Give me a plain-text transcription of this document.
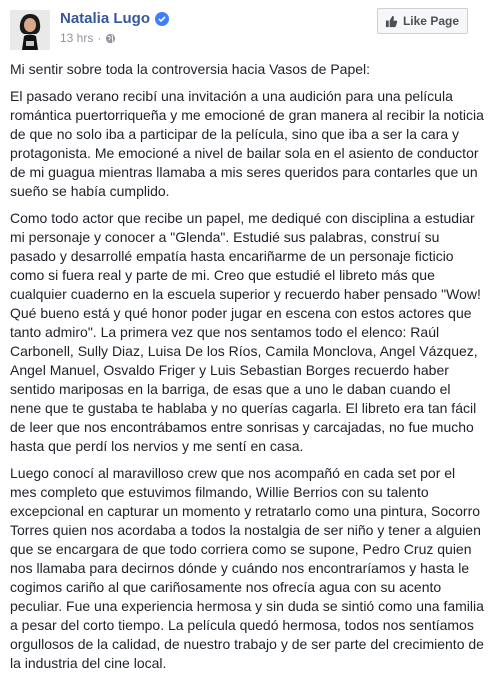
Natalia Lugo
13 hrs ·
Like Page

Mi sentir sobre toda la controversia hacia Vasos de Papel:

El pasado verano recibí una invitación a una audición para una película romántica puertorriqueña y me emocioné de gran manera al recibir la noticia de que no solo iba a participar de la película, sino que iba a ser la cara y protagonista. Me emocioné a nivel de bailar sola en el asiento de conductor de mi guagua mientras llamaba a mis seres queridos para contarles que un sueño se había cumplido.

Como todo actor que recibe un papel, me dediqué con disciplina a estudiar mi personaje y conocer a "Glenda". Estudié sus palabras, construí su pasado y desarrollé empatía hasta encariñarme de un personaje ficticio como si fuera real y parte de mi. Creo que estudié el libreto más que cualquier cuaderno en la escuela superior y recuerdo haber pensado "Wow! Qué bueno está y qué honor poder jugar en escena con estos actores que tanto admiro". La primera vez que nos sentamos todo el elenco: Raúl Carbonell, Sully Diaz, Luisa De los Ríos, Camila Monclova, Angel Vázquez, Angel Manuel, Osvaldo Friger y Luis Sebastian Borges recuerdo haber sentido mariposas en la barriga, de esas que a uno le daban cuando el nene que te gustaba te hablaba y no querías cagarla. El libreto era tan fácil de leer que nos encontrábamos entre sonrisas y carcajadas, no fue mucho hasta que perdí los nervios y me sentí en casa.

Luego conocí al maravilloso crew que nos acompañó en cada set por el mes completo que estuvimos filmando, Willie Berrios con su talento excepcional en capturar un momento y retratarlo como una pintura, Socorro Torres quien nos acordaba a todos la nostalgia de ser niño y tener a alguien que se encargara de que todo corriera como se supone, Pedro Cruz quien nos llamaba para decirnos dónde y cuándo nos encontraríamos y hasta le cogimos cariño al que cariñosamente nos ofrecía agua con su acento peculiar. Fue una experiencia hermosa y sin duda se sintió como una familia a pesar del corto tiempo. La película quedó hermosa, todos nos sentíamos orgullosos de la calidad, de nuestro trabajo y de ser parte del crecimiento de la industria del cine local.
